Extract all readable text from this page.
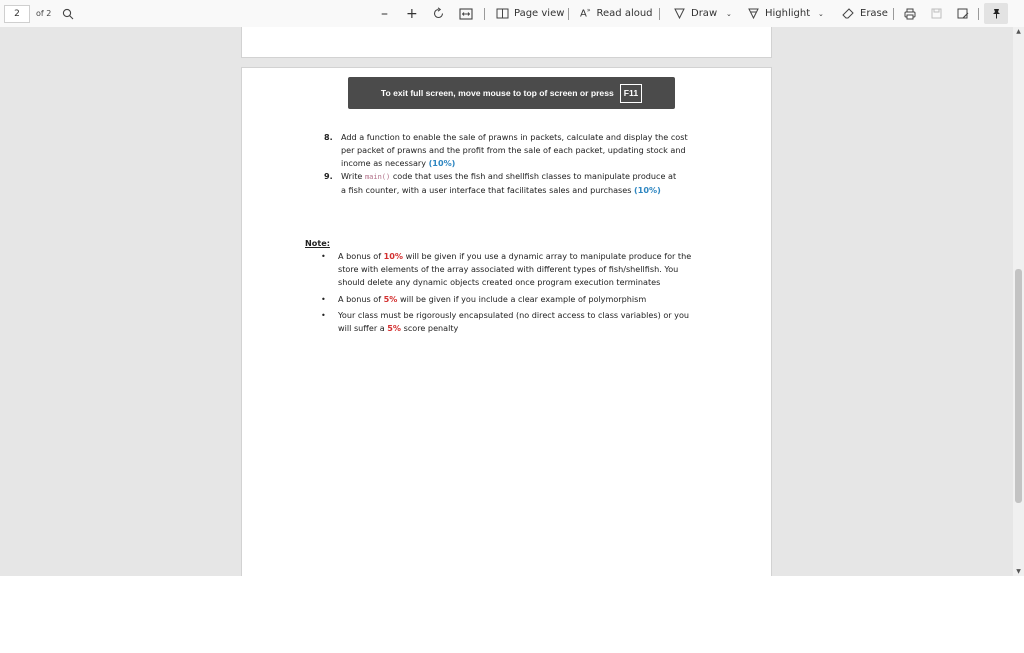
2	of 2	– +	Page view A» Read aloud	Draw ⌄	Highlight ⌄	Erase
To exit full screen, move mouse to top of screen or press	F11
8. Add a function to enable the sale of prawns in packets, calculate and display the cost
per packet of prawns and the profit from the sale of each packet, updating stock and
income as necessary (10%)
9. Write main() code that uses the fish and shellfish classes to manipulate produce at
a fish counter, with a user interface that facilitates sales and purchases (10%)
Note:
• A bonus of 10% will be given if you use a dynamic array to manipulate produce for the
store with elements of the array associated with different types of fish/shellfish. You
should delete any dynamic objects created once program execution terminates
• A bonus of 5% will be given if you include a clear example of polymorphism
• Your class must be rigorously encapsulated (no direct access to class variables) or you
will suffer a 5% score penalty
▲
▼
